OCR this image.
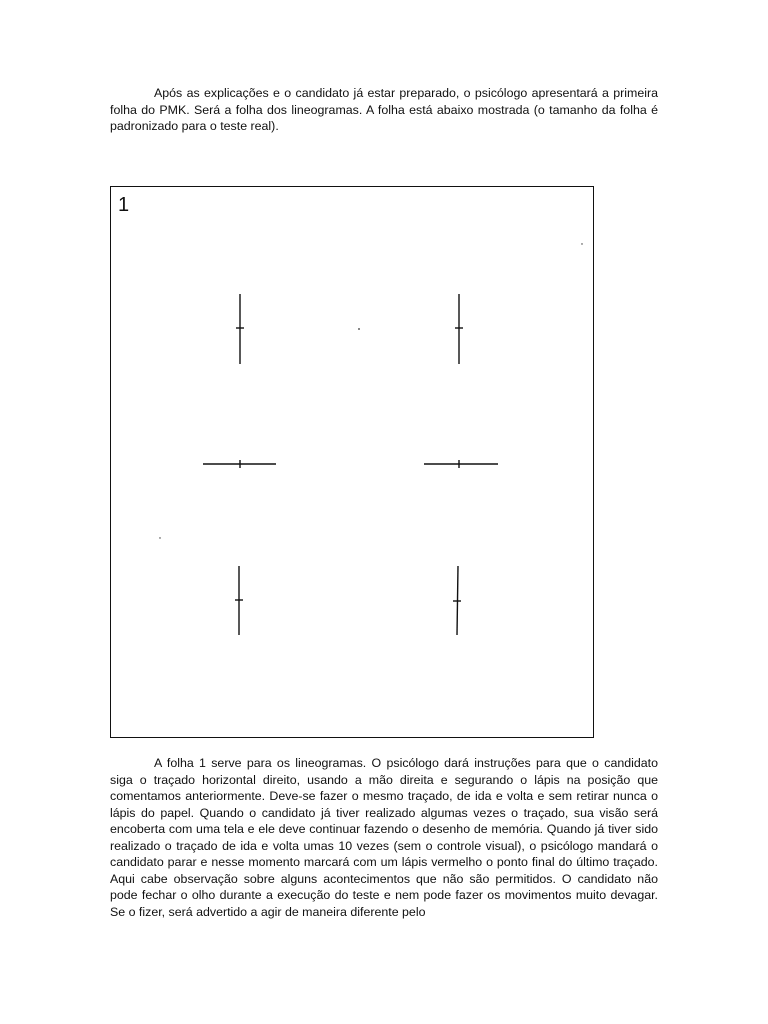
Após as explicações e o candidato já estar preparado, o psicólogo apresentará a primeira folha do PMK. Será a folha dos lineogramas. A folha está abaixo mostrada (o tamanho da folha é padronizado para o teste real).

1

A folha 1 serve para os lineogramas. O psicólogo dará instruções para que o candidato siga o traçado horizontal direito, usando a mão direita e segurando o lápis na posição que comentamos anteriormente. Deve-se fazer o mesmo traçado, de ida e volta e sem retirar nunca o lápis do papel. Quando o candidato já tiver realizado algumas vezes o traçado, sua visão será encoberta com uma tela e ele deve continuar fazendo o desenho de memória. Quando já tiver sido realizado o traçado de ida e volta umas 10 vezes (sem o controle visual), o psicólogo mandará o candidato parar e nesse momento marcará com um lápis vermelho o ponto final do último traçado. Aqui cabe observação sobre alguns acontecimentos que não são permitidos. O candidato não pode fechar o olho durante a execução do teste e nem pode fazer os movimentos muito devagar. Se o fizer, será advertido a agir de maneira diferente pelo
